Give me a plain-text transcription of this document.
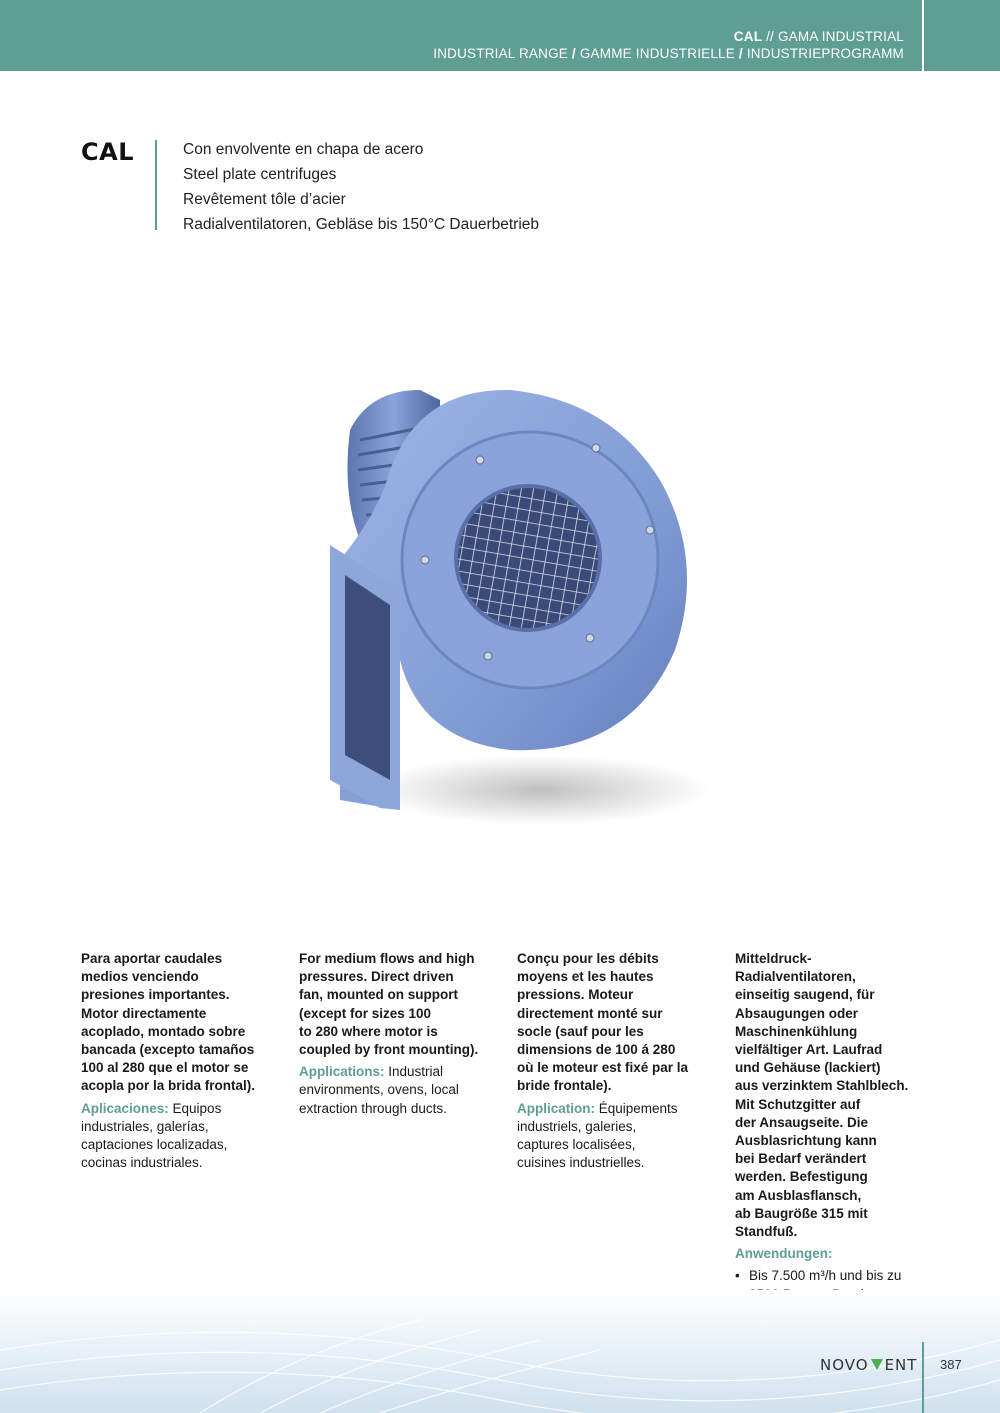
CAL // GAMA INDUSTRIAL
INDUSTRIAL RANGE / GAMME INDUSTRIELLE / INDUSTRIEPROGRAMM
CAL	Con envolvente en chapa de acero
Steel plate centrifuges
Revêtement tôle d’acier
Radialventilatoren, Gebläse bis 150°C Dauerbetrieb

Para aportar caudales
medios venciendo
presiones importantes.
Motor directamente
acoplado, montado sobre
bancada (excepto tamaños
100 al 280 que el motor se
acopla por la brida frontal).

Aplicaciones: Equipos
industriales, galerías,
captaciones localizadas,
cocinas industriales.

For medium flows and high
pressures. Direct driven
fan, mounted on support
(except for sizes 100
to 280 where motor is
coupled by front mounting).

Applications: Industrial
environments, ovens, local
extraction through ducts.

Conçu pour les débits
moyens et les hautes
pressions. Moteur
directement monté sur
socle (sauf pour les
dimensions de 100 á 280
où le moteur est fixé par la
bride frontale).

Application: Équipements
industriels, galeries,
captures localisées,
cuisines industrielles.

Mitteldruck-
Radialventilatoren,
einseitig saugend, für
Absaugungen oder
Maschinenkühlung
vielfältiger Art. Laufrad
und Gehäuse (lackiert)
aus verzinktem Stahlblech.
Mit Schutzgitter auf
der Ansaugseite. Die
Ausblasrichtung kann
bei Bedarf verändert
werden. Befestigung
am Ausblasflansch,
ab Baugröße 315 mit
Standfuß.

Anwendungen:

• Bis 7.500 m³/h und bis zu
•
NOVO ENT 387
